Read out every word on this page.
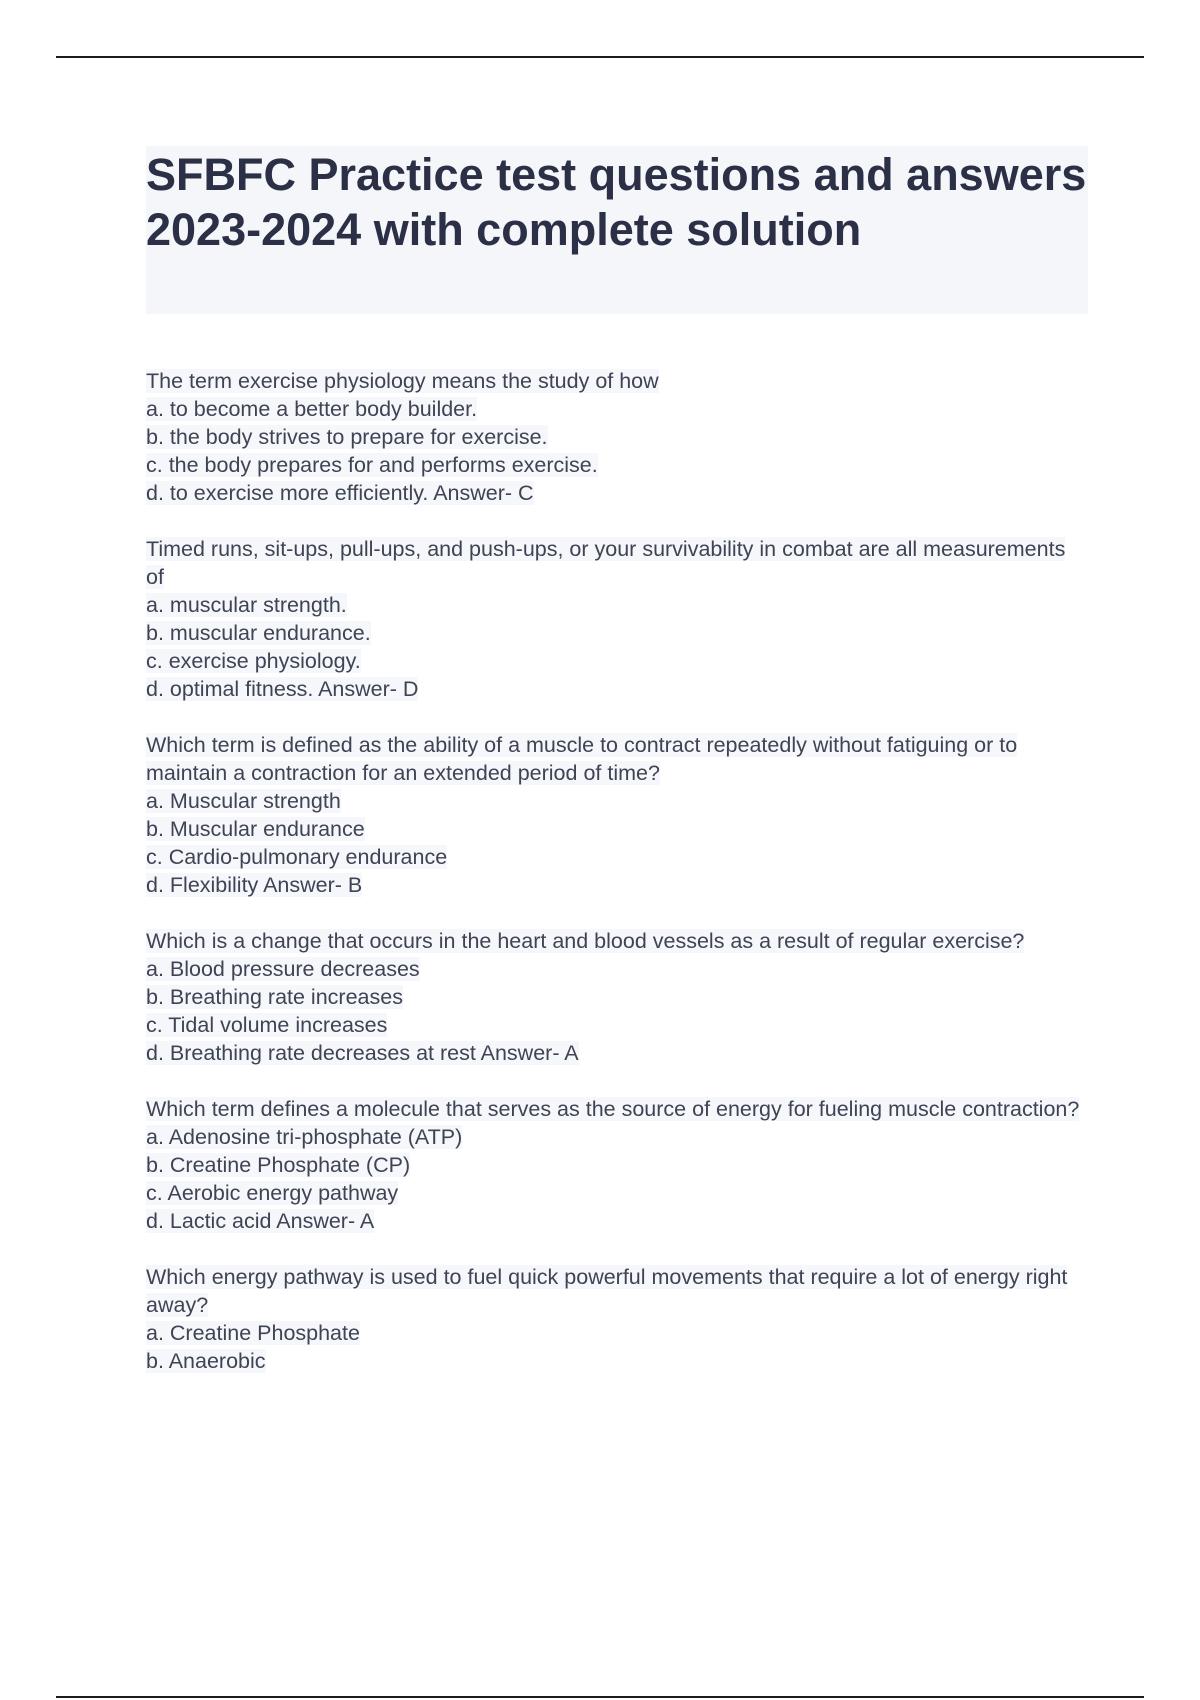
SFBFC Practice test questions and answers 2023-2024 with complete solution
The term exercise physiology means the study of how
a. to become a better body builder.
b. the body strives to prepare for exercise.
c. the body prepares for and performs exercise.
d. to exercise more efficiently. Answer- C
Timed runs, sit-ups, pull-ups, and push-ups, or your survivability in combat are all measurements of
a. muscular strength.
b. muscular endurance.
c. exercise physiology.
d. optimal fitness. Answer- D
Which term is defined as the ability of a muscle to contract repeatedly without fatiguing or to maintain a contraction for an extended period of time?
a. Muscular strength
b. Muscular endurance
c. Cardio-pulmonary endurance
d. Flexibility Answer- B
Which is a change that occurs in the heart and blood vessels as a result of regular exercise?
a. Blood pressure decreases
b. Breathing rate increases
c. Tidal volume increases
d. Breathing rate decreases at rest Answer- A
Which term defines a molecule that serves as the source of energy for fueling muscle contraction?
a. Adenosine tri-phosphate (ATP)
b. Creatine Phosphate (CP)
c. Aerobic energy pathway
d. Lactic acid Answer- A
Which energy pathway is used to fuel quick powerful movements that require a lot of energy right away?
a. Creatine Phosphate
b. Anaerobic
